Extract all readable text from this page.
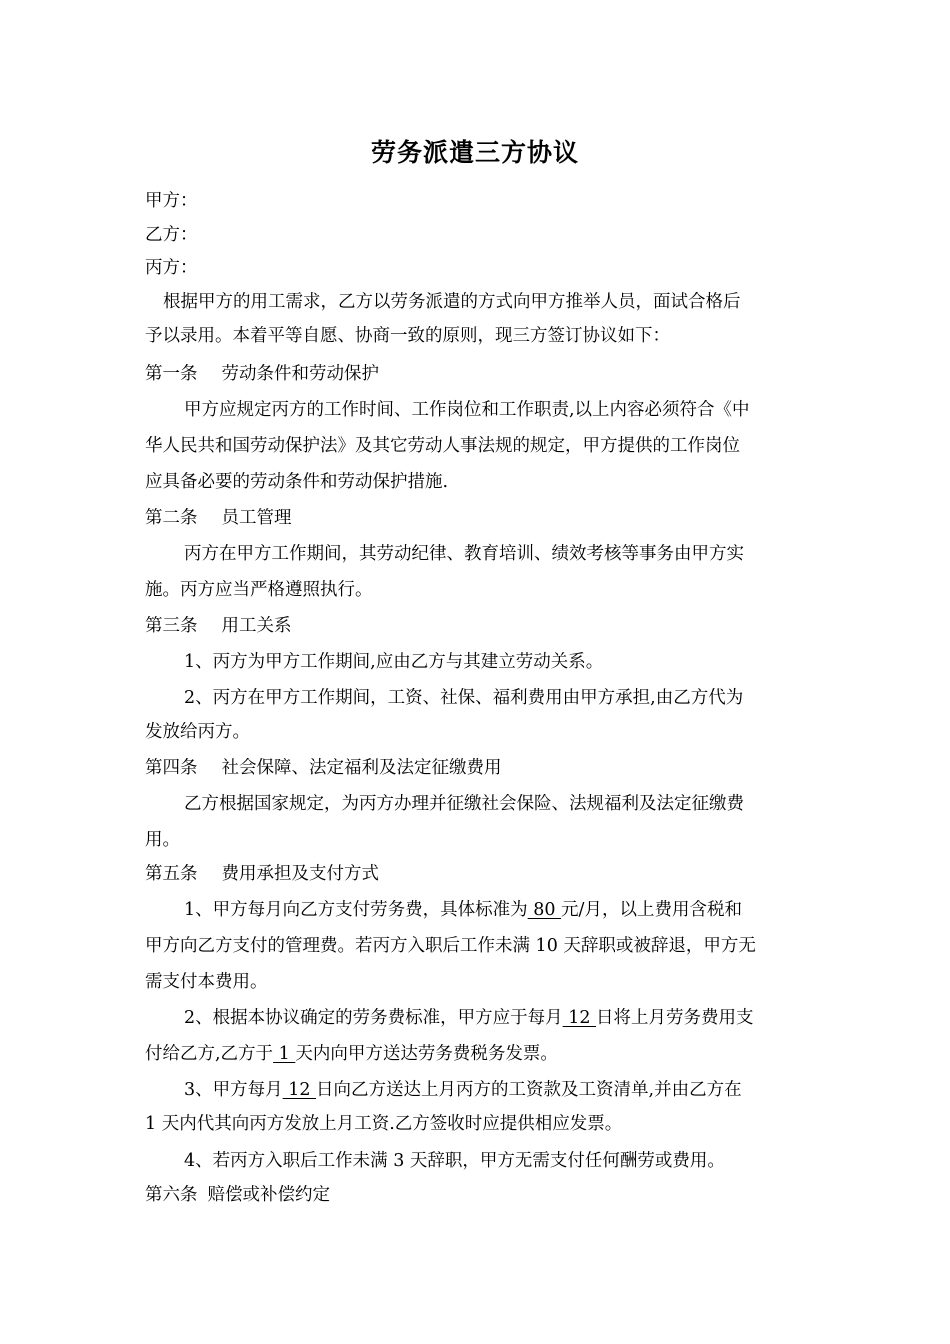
劳务派遣三方协议
甲方：
乙方：
丙方：
根据甲方的用工需求，乙方以劳务派遣的方式向甲方推举人员，面试合格后
予以录用。本着平等自愿、协商一致的原则，现三方签订协议如下：
第一条 劳动条件和劳动保护
甲方应规定丙方的工作时间、工作岗位和工作职责,以上内容必须符合《中
华人民共和国劳动保护法》及其它劳动人事法规的规定，甲方提供的工作岗位
应具备必要的劳动条件和劳动保护措施.
第二条 员工管理
丙方在甲方工作期间，其劳动纪律、教育培训、绩效考核等事务由甲方实
施。丙方应当严格遵照执行。
第三条 用工关系
1、丙方为甲方工作期间,应由乙方与其建立劳动关系。
2、丙方在甲方工作期间，工资、社保、福利费用由甲方承担,由乙方代为
发放给丙方。
第四条 社会保障、法定福利及法定征缴费用
乙方根据国家规定，为丙方办理并征缴社会保险、法规福利及法定征缴费
用。
第五条 费用承担及支付方式
1、甲方每月向乙方支付劳务费，具体标准为 80 元/月，以上费用含税和
甲方向乙方支付的管理费。若丙方入职后工作未满 10 天辞职或被辞退，甲方无
需支付本费用。
2、根据本协议确定的劳务费标准，甲方应于每月 12 日将上月劳务费用支
付给乙方,乙方于 1 天内向甲方送达劳务费税务发票。
3、甲方每月 12 日向乙方送达上月丙方的工资款及工资清单,并由乙方在
1 天内代其向丙方发放上月工资.乙方签收时应提供相应发票。
4、若丙方入职后工作未满 3 天辞职，甲方无需支付任何酬劳或费用。
第六条 赔偿或补偿约定
